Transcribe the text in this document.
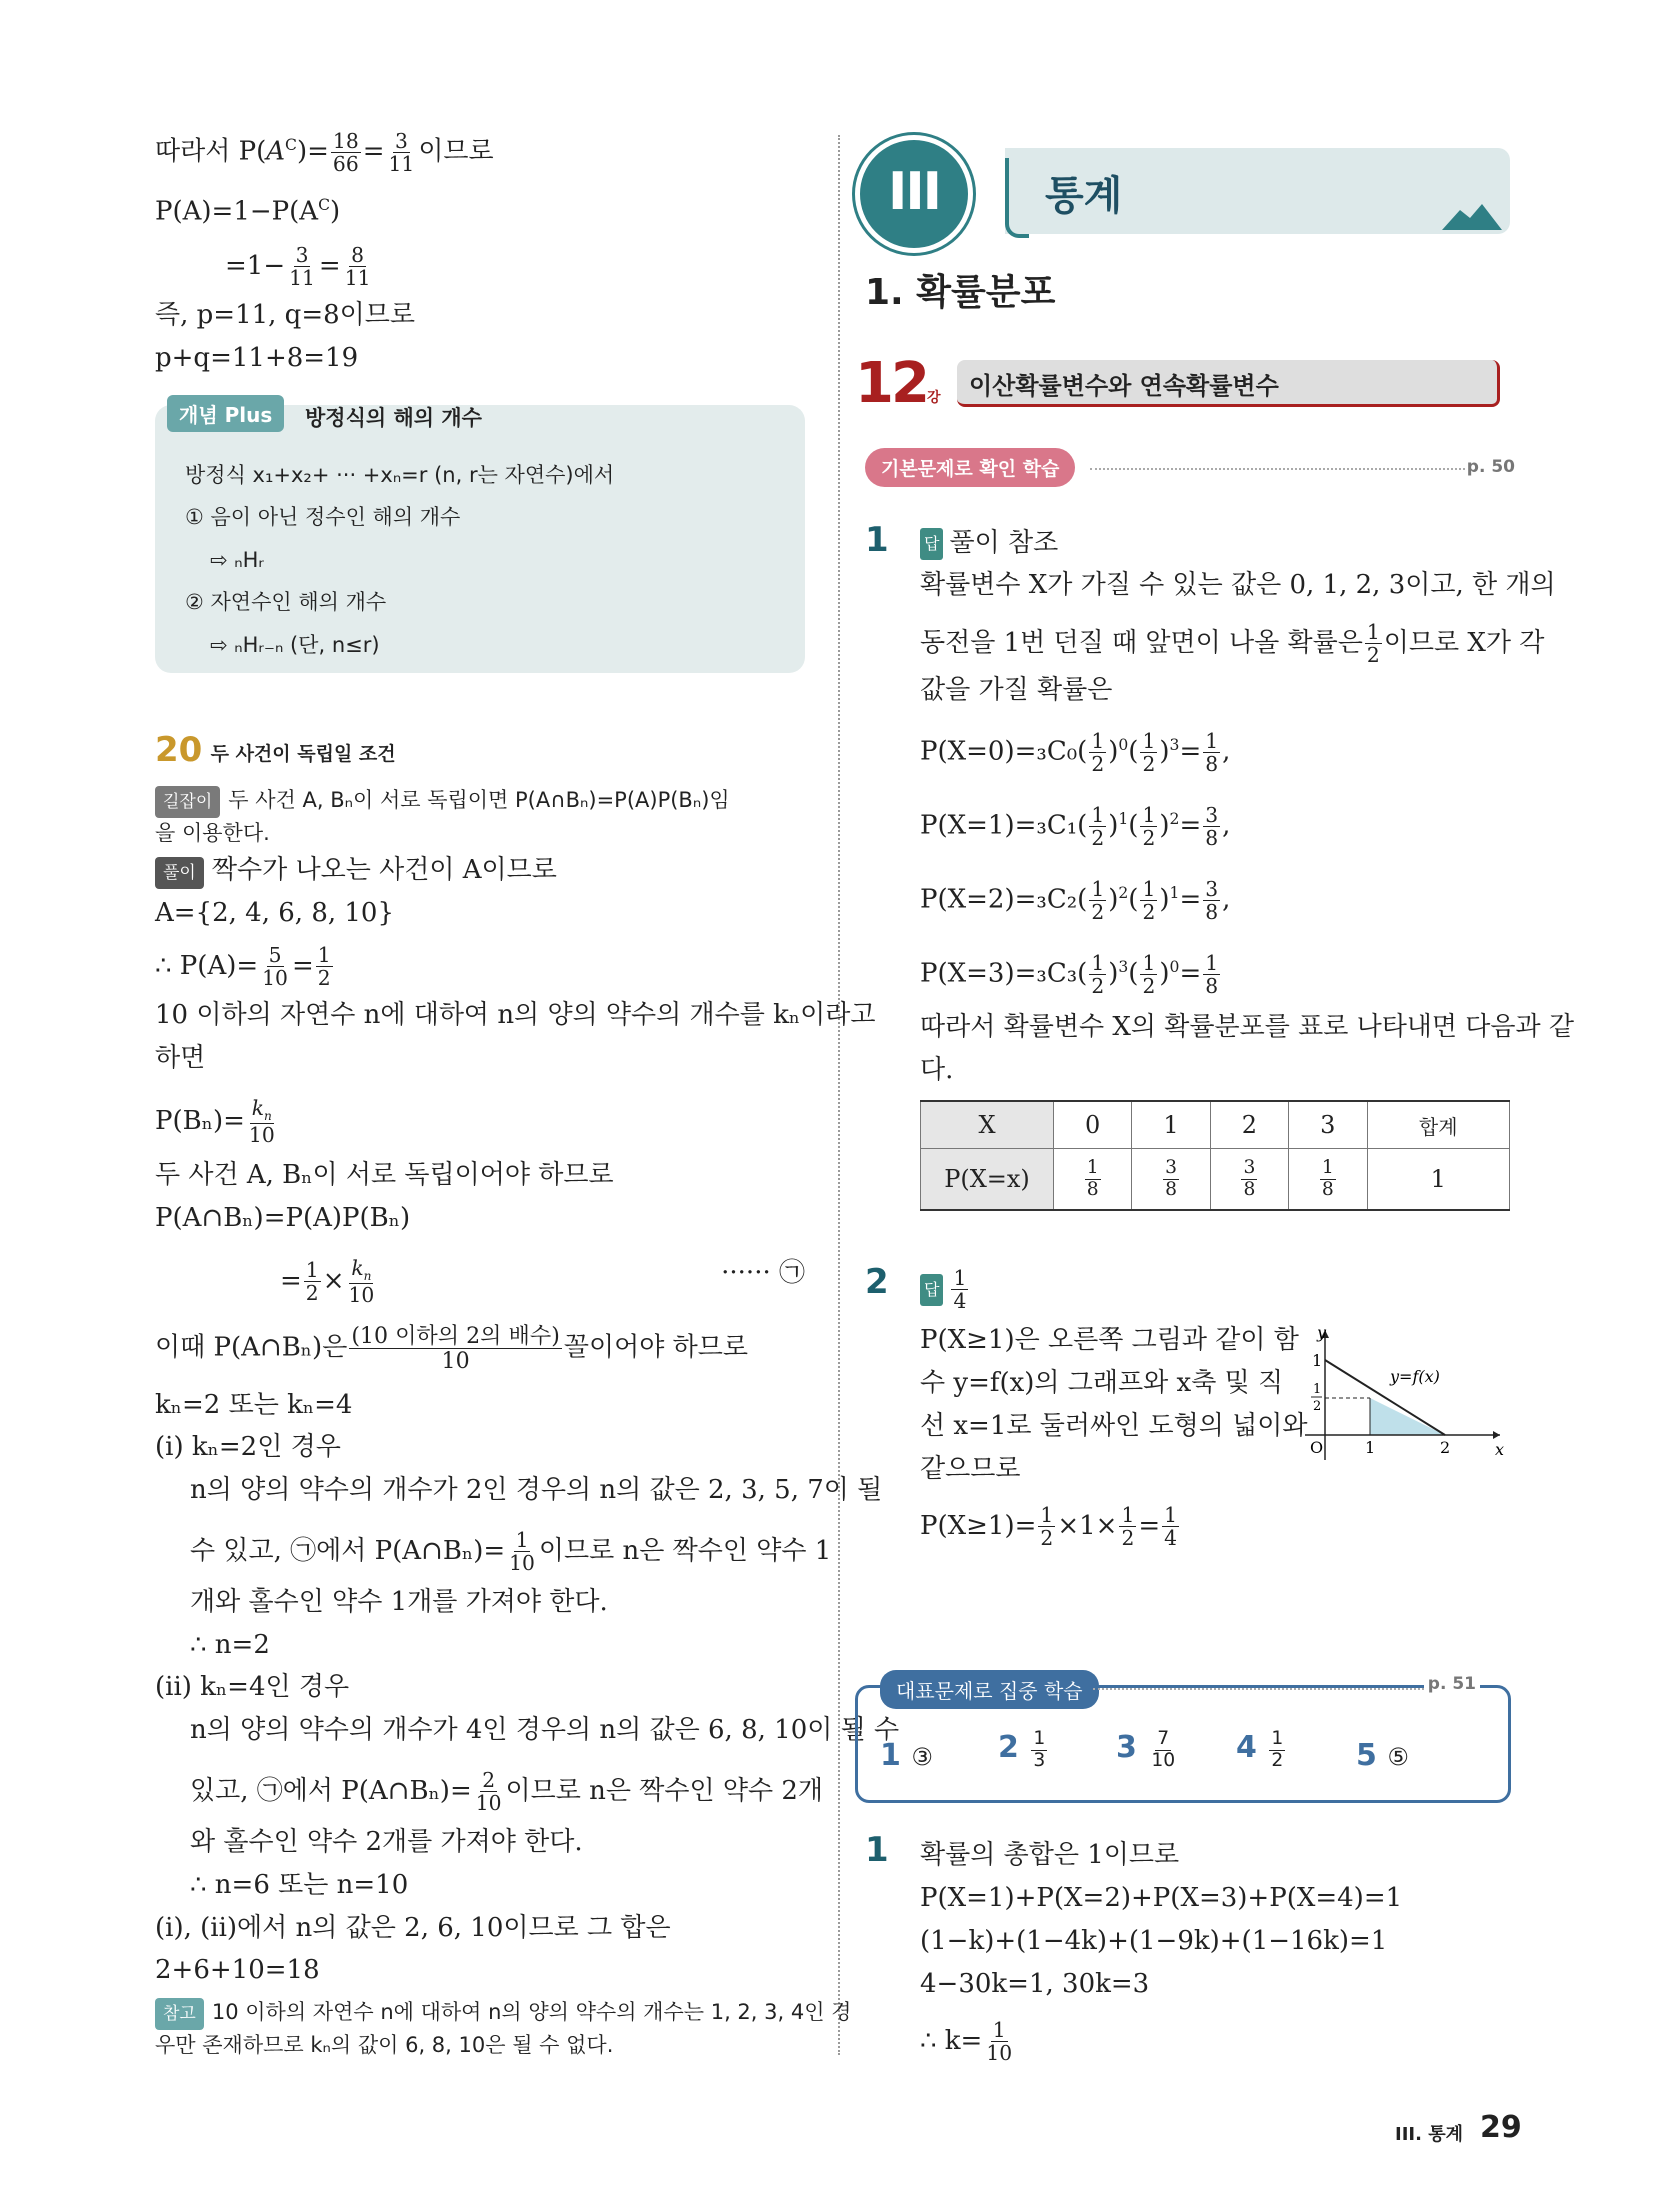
따라서 $P(A^C)= \frac{18}{66} = \frac{3}{11}$ 이므로
$P(A)=1-P(A^C)$
$=1- \frac{3}{11} = \frac{8}{11}$
즉, p=11, q=8이므로
p+q=11+8=19
개념 Plus	방정식의 해의 개수
방정식 x₁+x₂+ ··· +xₙ=r (n, r는 자연수)에서
① 음이 아닌 정수인 해의 개수
⇨ ₙHᵣ
② 자연수인 해의 개수
⇨ ₙHᵣ₋ₙ (단, n≤r)
20 두 사건이 독립일 조건
길잡이 두 사건 A, Bₙ이 서로 독립이면 P(A∩Bₙ)=P(A)P(Bₙ)임
을 이용한다.
풀이 짝수가 나오는 사건이 A이므로
A={2, 4, 6, 8, 10}
∴ $P(A)= \frac{5}{10} = \frac{1}{2}$
10 이하의 자연수 n에 대하여 n의 양의 약수의 개수를 kₙ이라고
하면
$P(B_n)= \frac{k_n}{10}$
두 사건 A, Bₙ이 서로 독립이어야 하므로
P(A∩Bₙ)=P(A)P(Bₙ)
= $\frac{1}{2} \times \frac{k_n}{10}$	······ ㉠
이때 P(A∩Bₙ)은 (10 이하의 2의 배수)
10	꼴이어야 하므로
kₙ=2 또는 kₙ=4
(i) kₙ=2인 경우
n의 양의 약수의 개수가 2인 경우의 n의 값은 2, 3, 5, 7이 될
수 있고, ㉠에서 P(A∩Bₙ)= $\frac{1}{10}$ 이므로 n은 짝수인 약수 1
개와 홀수인 약수 1개를 가져야 한다.
∴ n=2
(ii) kₙ=4인 경우
n의 양의 약수의 개수가 4인 경우의 n의 값은 6, 8, 10이 될 수
있고, ㉠에서 P(A∩Bₙ)= $\frac{2}{10}$ 이므로 n은 짝수인 약수 2개
와 홀수인 약수 2개를 가져야 한다.
∴ n=6 또는 n=10
(i), (ii)에서 n의 값은 2, 6, 10이므로 그 합은
2+6+10=18
참고 10 이하의 자연수 n에 대하여 n의 양의 약수의 개수는 1, 2, 3, 4인 경
우만 존재하므로 kₙ의 값이 6, 8, 10은 될 수 없다.
통계
III
1. 확률분포
12 강 이산확률변수와 연속확률변수
기본문제로 확인 학습	p. 50
1 답 풀이 참조
확률변수 X가 가질 수 있는 값은 0, 1, 2, 3이고, 한 개의
동전을 1번 던질 때 앞면이 나올 확률은 $\frac{1}{2}$ 이므로 X가 각
값을 가질 확률은
$P(X=0)=_3C_0( \frac{1}{2} )^0( \frac{1}{2} )^3= \frac{1}{8}$ ,
$P(X=1)=_3C_1( \frac{1}{2} )^1( \frac{1}{2} )^2= \frac{3}{8}$ ,
$P(X=2)=_3C_2( \frac{1}{2} )^2( \frac{1}{2} )^1= \frac{3}{8}$ ,
$P(X=3)=_3C_3( \frac{1}{2} )^3( \frac{1}{2} )^0= \frac{1}{8}$
따라서 확률변수 X의 확률분포를 표로 나타내면 다음과 같
다.
X	0	1	2	3	합계
P(X=x)	$\frac{1}{8}$	$\frac{3}{8}$	$\frac{3}{8}$	$\frac{1}{8}$	1
2 답 $\frac{1}{4}$
P(X≥1)은 오른쪽 그림과 같이 함
수 y=f(x)의 그래프와 x축 및 직
선 x=1로 둘러싸인 도형의 넓이와
같으므로
$P(X\ge 1)= \frac{1}{2} \times 1\times \frac{1}{2} = \frac{1}{4}$
y
x
O	1	2
1
1
2
y=f(x)
대표문제로 집중 학습	p. 51
1 ③ $2 \frac{1}{3} 3 \frac{7}{10} 4 \frac{1}{2} 5$ ⑤
1 확률의 총합은 1이므로
P(X=1)+P(X=2)+P(X=3)+P(X=4)=1
(1−k)+(1−4k)+(1−9k)+(1−16k)=1
4−30k=1, 30k=3
∴ $k= \frac{1}{10}$
III. 통계 29
